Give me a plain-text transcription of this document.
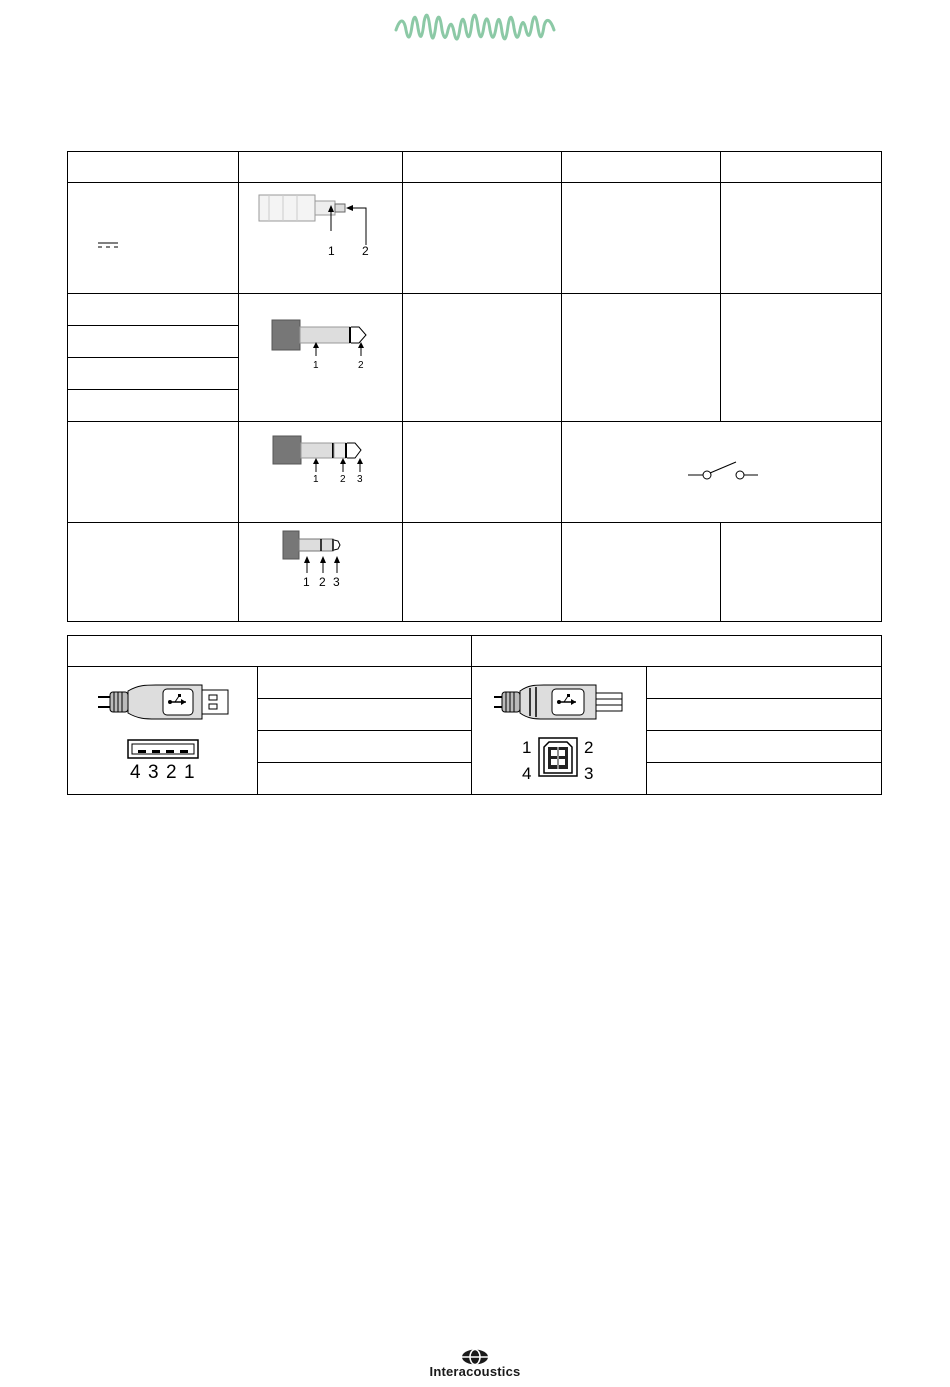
1 2			

1 2			

1 2 3

1 2 3			

4 3 2 1		1 2
4 3	

Interacoustics
